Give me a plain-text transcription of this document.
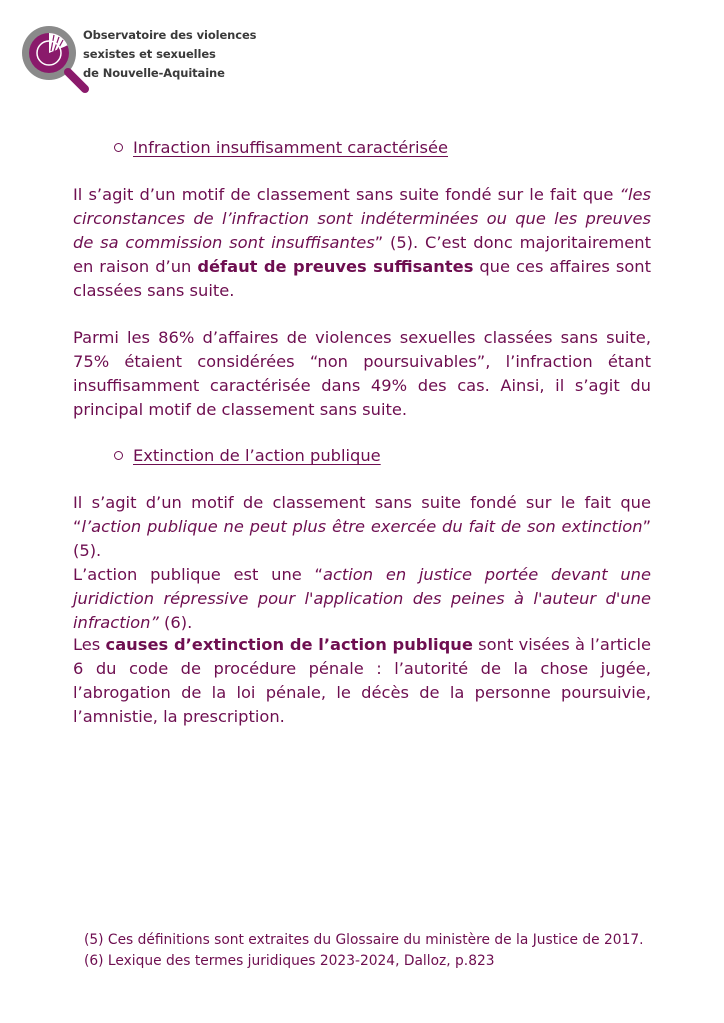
Observatoire des violences
sexistes et sexuelles
de Nouvelle-Aquitaine
Infraction insuffisamment caractérisée

Il s’agit d’un motif de classement sans suite fondé sur le fait que “les circonstances de l’infraction sont indéterminées ou que les preuves de sa commission sont insuffisantes” (5). C’est donc majoritairement en raison d’un défaut de preuves suffisantes que ces affaires sont classées sans suite.

Parmi les 86% d’affaires de violences sexuelles classées sans suite, 75% étaient considérées “non poursuivables”, l’infraction étant insuffisamment caractérisée dans 49% des cas. Ainsi, il s’agit du principal motif de classement sans suite.

Extinction de l’action publique

Il s’agit d’un motif de classement sans suite fondé sur le fait que “l’action publique ne peut plus être exercée du fait de son extinction” (5).

L’action publique est une “action en justice portée devant une juridiction répressive pour l'application des peines à l'auteur d'une infraction” (6).

Les causes d’extinction de l’action publique sont visées à l’article 6 du code de procédure pénale : l’autorité de la chose jugée, l’abrogation de la loi pénale, le décès de la personne poursuivie, l’amnistie, la prescription.

(5) Ces définitions sont extraites du Glossaire du ministère de la Justice de 2017.
(6) Lexique des termes juridiques 2023-2024, Dalloz, p.823
